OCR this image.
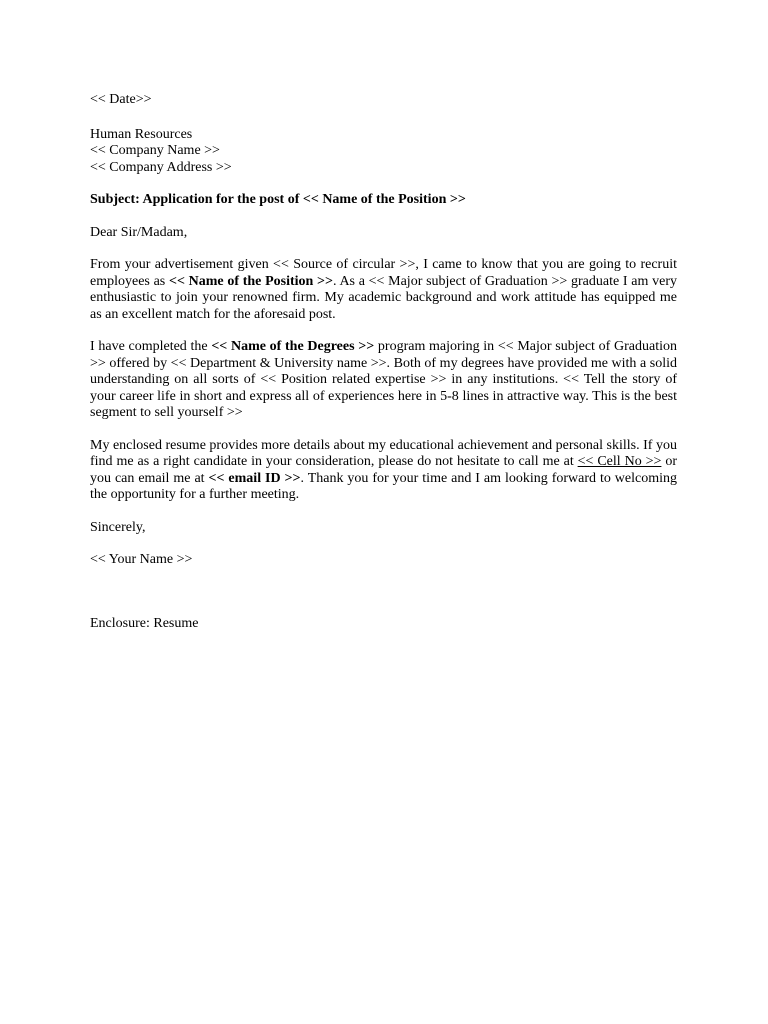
<< Date>>
Human Resources
<< Company Name >>
<< Company Address >>
Subject: Application for the post of << Name of the Position >>
Dear Sir/Madam,

From your advertisement given << Source of circular >>, I came to know that you are going to recruit employees as << Name of the Position >>. As a << Major subject of Graduation >> graduate I am very enthusiastic to join your renowned firm. My academic background and work attitude has equipped me as an excellent match for the aforesaid post.

I have completed the << Name of the Degrees >> program majoring in << Major subject of Graduation >> offered by << Department & University name >>. Both of my degrees have provided me with a solid understanding on all sorts of << Position related expertise >> in any institutions. << Tell the story of your career life in short and express all of experiences here in 5-8 lines in attractive way. This is the best segment to sell yourself >>

My enclosed resume provides more details about my educational achievement and personal skills. If you find me as a right candidate in your consideration, please do not hesitate to call me at << Cell No >> or you can email me at << email ID >>. Thank you for your time and I am looking forward to welcoming the opportunity for a further meeting.

Sincerely,
<< Your Name >>
Enclosure: Resume
